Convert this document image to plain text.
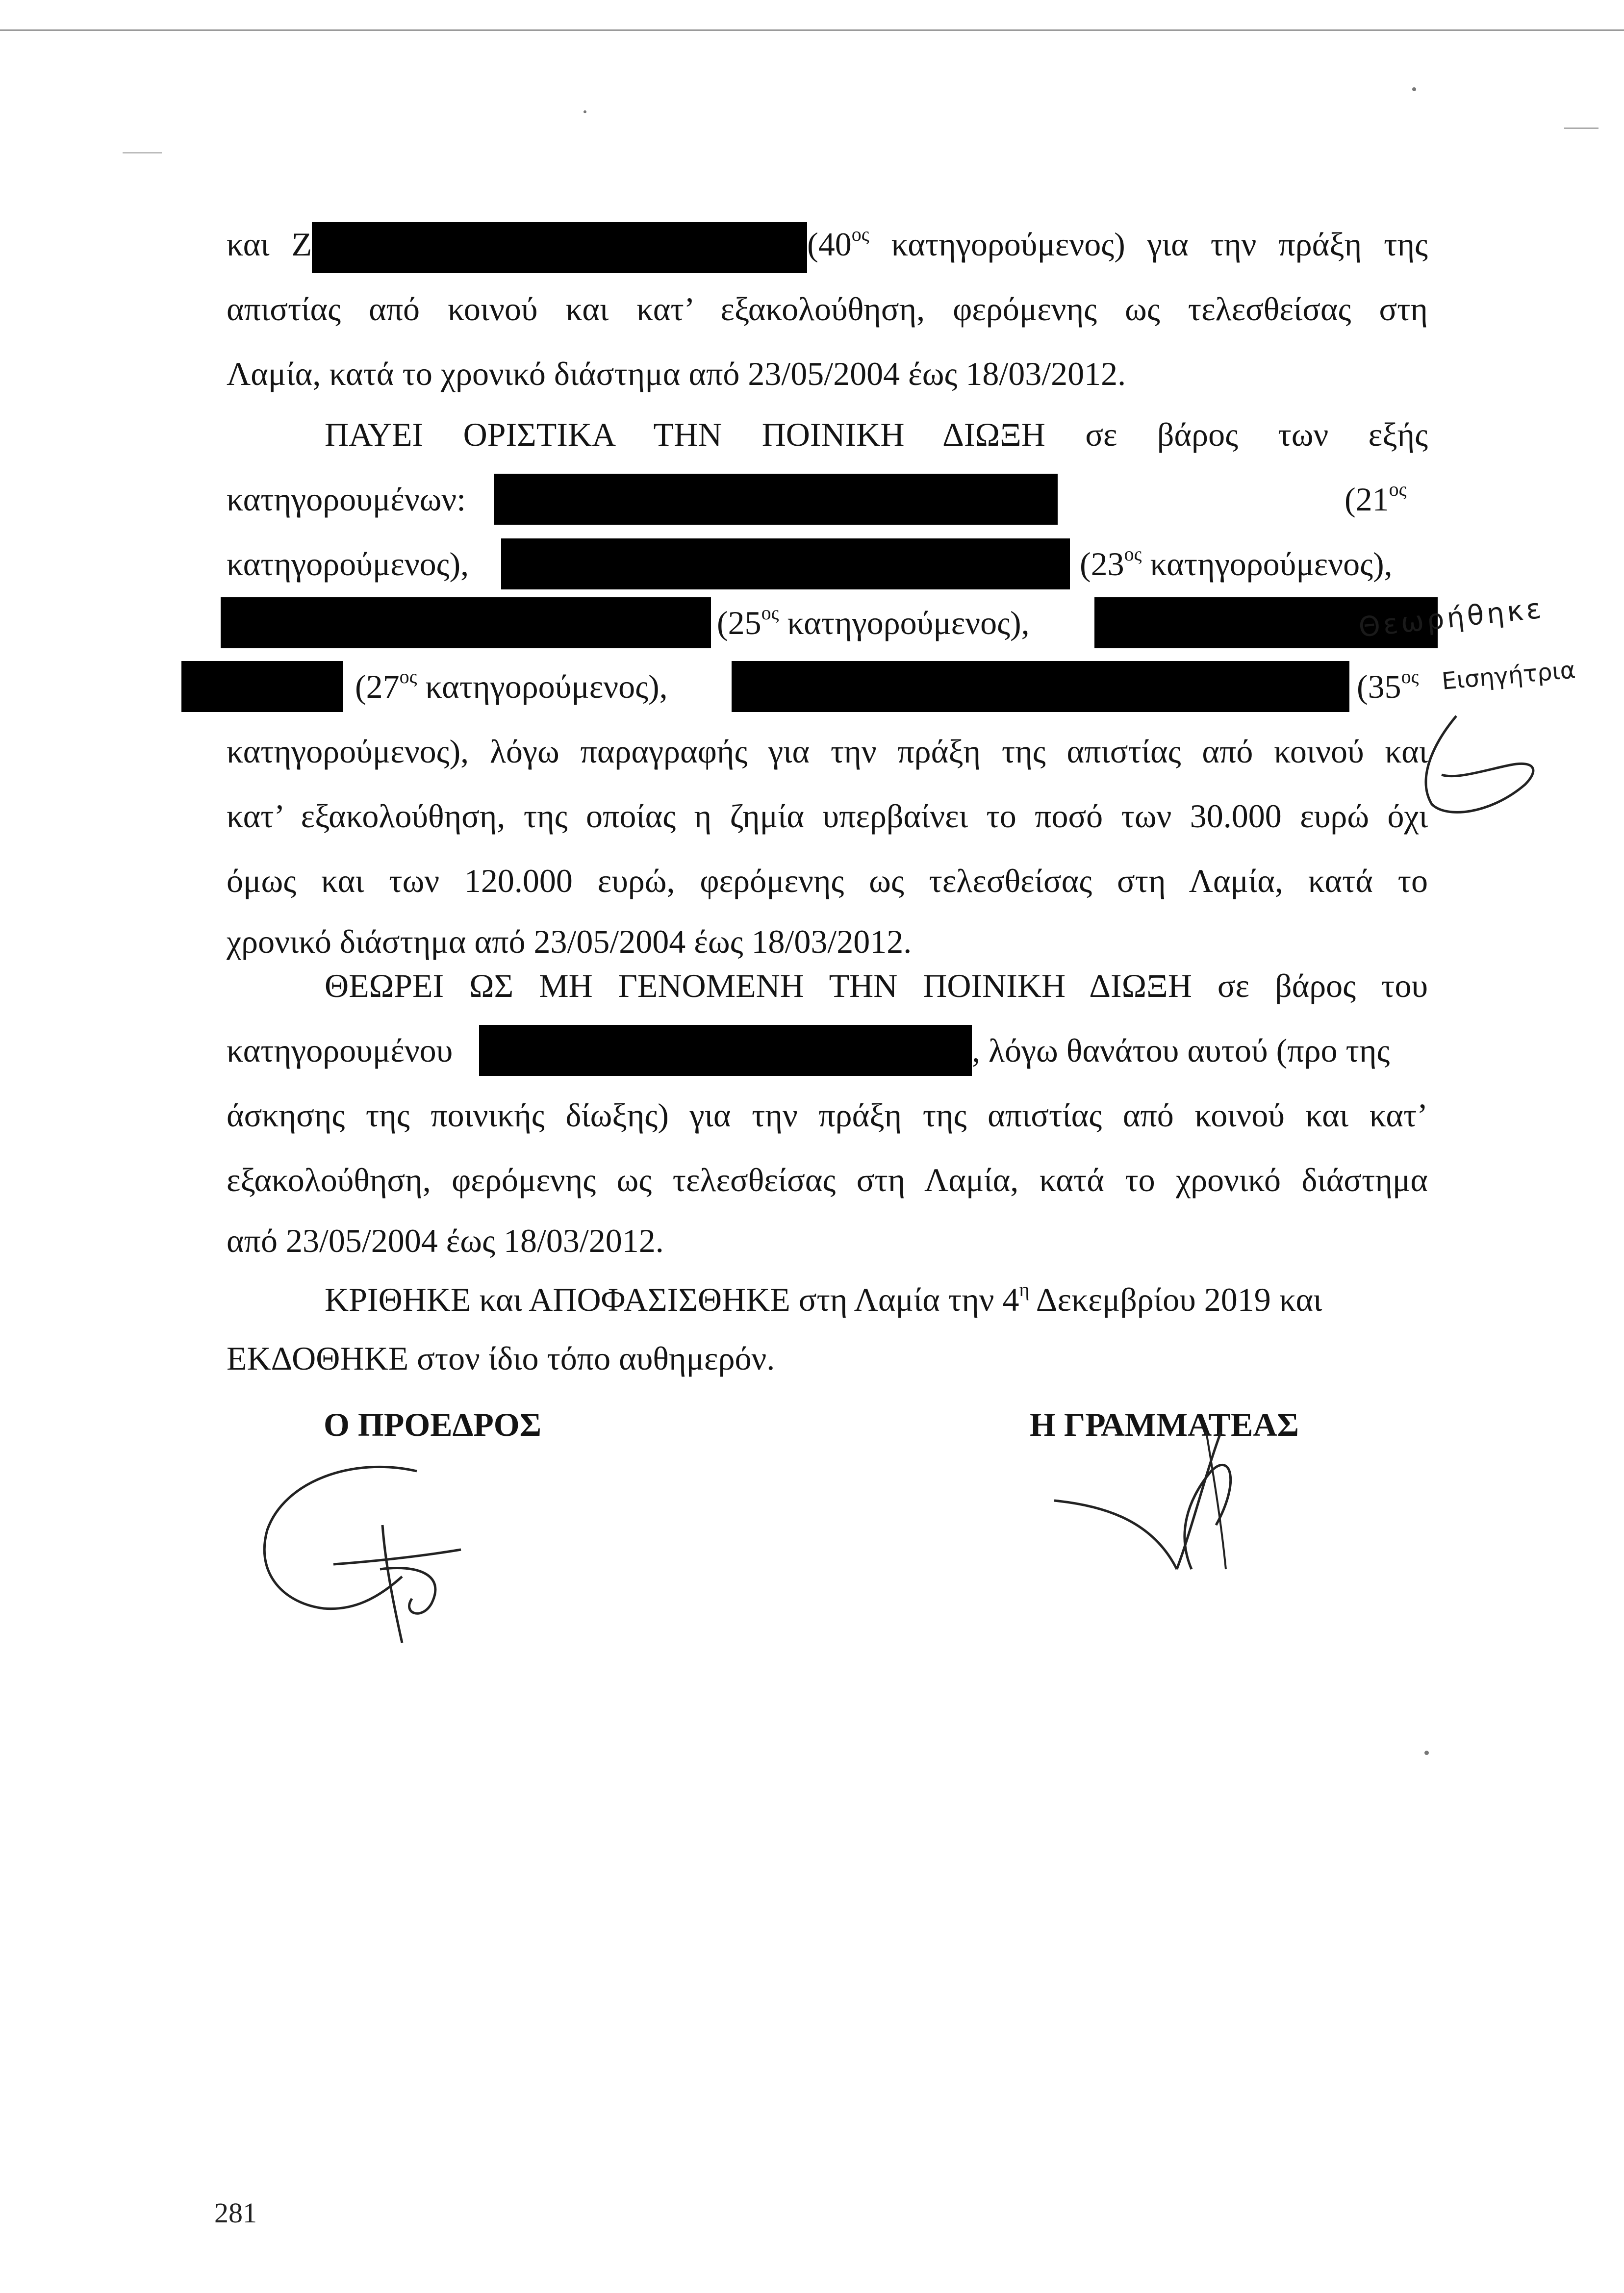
και Ζ	($40^{o\varsigma}$ κατηγορούμενος) για την πράξη της
απιστίας από κοινού και κατ’ εξακολούθηση, φερόμενης ως τελεσθείσας στη
Λαμία, κατά το χρονικό διάστημα από 23/05/2004 έως 18/03/2012.
ΠΑΥΕΙ ΟΡΙΣΤΙΚΑ ΤΗΝ ΠΟΙΝΙΚΗ ΔΙΩΞΗ σε βάρος των εξής
κατηγορουμένων:	($21^{o\varsigma}$
κατηγορούμενος),	($23^{o\varsigma}$ κατηγορούμενος),
($25^{o\varsigma}$ κατηγορούμενος),
($27^{o\varsigma}$ κατηγορούμενος),	($35^{o\varsigma}$
κατηγορούμενος), λόγω παραγραφής για την πράξη της απιστίας από κοινού και
κατ’ εξακολούθηση, της οποίας η ζημία υπερβαίνει το ποσό των 30.000 ευρώ όχι
όμως και των 120.000 ευρώ, φερόμενης ως τελεσθείσας στη Λαμία, κατά το
χρονικό διάστημα από 23/05/2004 έως 18/03/2012.
ΘΕΩΡΕΙ ΩΣ ΜΗ ΓΕΝΟΜΕΝΗ ΤΗΝ ΠΟΙΝΙΚΗ ΔΙΩΞΗ σε βάρος του
κατηγορουμένου	, λόγω θανάτου αυτού (προ της
άσκησης της ποινικής δίωξης) για την πράξη της απιστίας από κοινού και κατ’
εξακολούθηση, φερόμενης ως τελεσθείσας στη Λαμία, κατά το χρονικό διάστημα
από 23/05/2004 έως 18/03/2012.
ΚΡΙΘΗΚΕ και ΑΠΟΦΑΣΙΣΘΗΚΕ στη Λαμία την $4^\eta$ Δεκεμβρίου 2019 και
ΕΚΔΟΘΗΚΕ στον ίδιο τόπο αυθημερόν.
Ο ΠΡΟΕΔΡΟΣ	Η ΓΡΑΜΜΑΤΕΑΣ
Θεωρήθηκε
Εισηγήτρια
281
